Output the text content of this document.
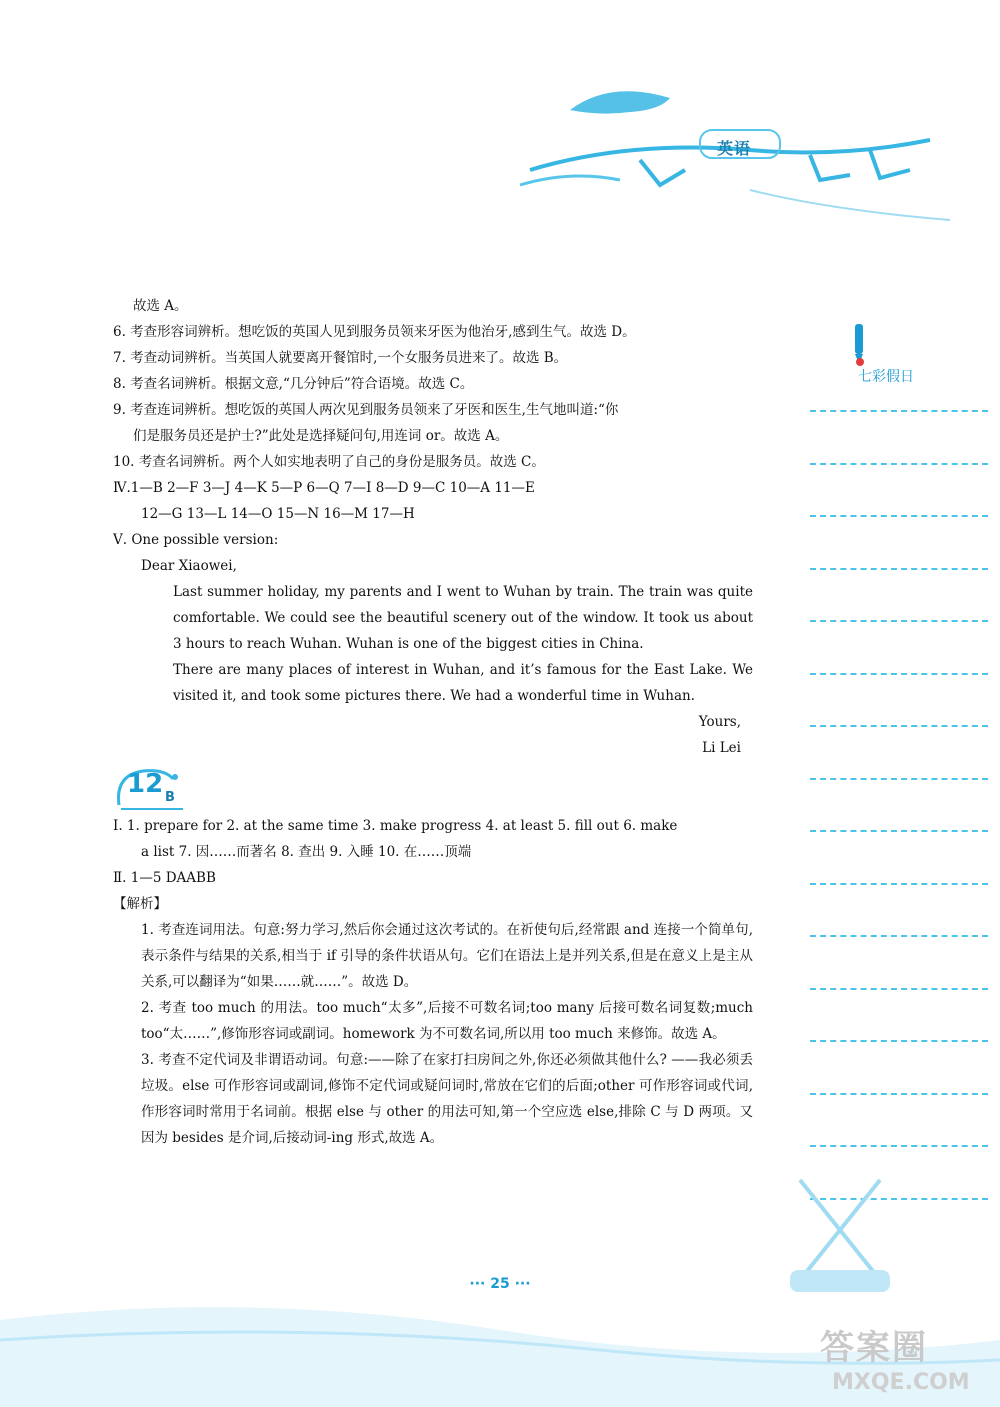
英语
七彩假日
故选 A。
6. 考查形容词辨析。想吃饭的英国人见到服务员领来牙医为他治牙,感到生气。故选 D。
7. 考查动词辨析。当英国人就要离开餐馆时,一个女服务员进来了。故选 B。
8. 考查名词辨析。根据文意,“几分钟后”符合语境。故选 C。
9. 考查连词辨析。想吃饭的英国人两次见到服务员领来了牙医和医生,生气地叫道:“你
们是服务员还是护士?”此处是选择疑问句,用连词 or。故选 A。
10. 考查名词辨析。两个人如实地表明了自己的身份是服务员。故选 C。
Ⅳ.1—B 2—F 3—J 4—K 5—P 6—Q 7—I 8—D 9—C 10—A 11—E
12—G 13—L 14—O 15—N 16—M 17—H
Ⅴ. One possible version:
Dear Xiaowei,
Last summer holiday, my parents and I went to Wuhan by train. The train was quite comfortable. We could see the beautiful scenery out of the window. It took us about 3 hours to reach Wuhan. Wuhan is one of the biggest cities in China.
There are many places of interest in Wuhan, and it’s famous for the East Lake. We visited it, and took some pictures there. We had a wonderful time in Wuhan.
Yours,
Li Lei
12 B
Ⅰ. 1. prepare for 2. at the same time 3. make progress 4. at least 5. fill out 6. make
a list 7. 因……而著名 8. 查出 9. 入睡 10. 在……顶端
Ⅱ. 1—5 DAABB
【解析】
1. 考查连词用法。句意:努力学习,然后你会通过这次考试的。在祈使句后,经常跟 and 连接一个简单句,表示条件与结果的关系,相当于 if 引导的条件状语从句。它们在语法上是并列关系,但是在意义上是主从关系,可以翻译为“如果……就……”。故选 D。
2. 考查 too much 的用法。too much“太多”,后接不可数名词;too many 后接可数名词复数;much too“太……”,修饰形容词或副词。homework 为不可数名词,所以用 too much 来修饰。故选 A。
3. 考查不定代词及非谓语动词。句意:——除了在家打扫房间之外,你还必须做其他什么? ——我必须丢垃圾。else 可作形容词或副词,修饰不定代词或疑问词时,常放在它们的后面;other 可作形容词或代词,作形容词时常用于名词前。根据 else 与 other 的用法可知,第一个空应选 else,排除 C 与 D 两项。又因为 besides 是介词,后接动词-ing 形式,故选 A。
··· 25 ···
答案圈
MXQE.COM
